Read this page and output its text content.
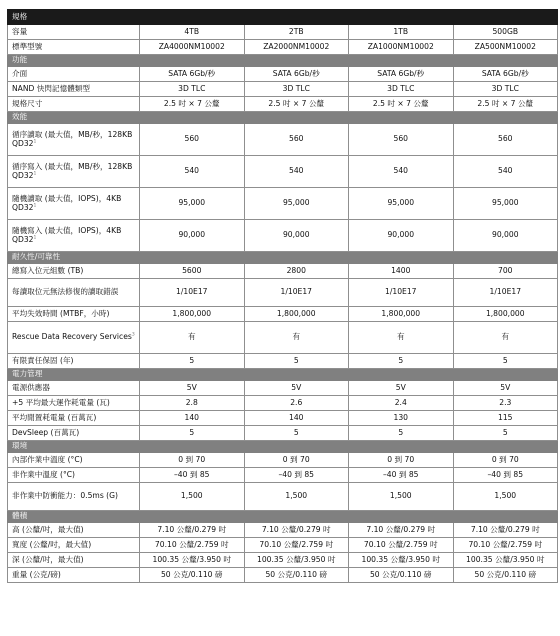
規格				
容量	4TB	2TB	1TB	500GB
標準型號	ZA4000NM10002	ZA2000NM10002	ZA1000NM10002	ZA500NM10002
功能				
介面	SATA 6Gb/秒	SATA 6Gb/秒	SATA 6Gb/秒	SATA 6Gb/秒
NAND 快閃記憶體類型	3D TLC	3D TLC	3D TLC	3D TLC
規格尺寸	2.5 吋 × 7 公釐	2.5 吋 × 7 公釐	2.5 吋 × 7 公釐	2.5 吋 × 7 公釐
效能				
循序讀取 (最大值，MB/秒，128KB $QD32^1$	560	560	560	560
循序寫入 (最大值，MB/秒，128KB $QD32^1$	540	540	540	540
隨機讀取 (最大值，IOPS)，4KB $QD32^1$	95,000	95,000	95,000	95,000
隨機寫入 (最大值，IOPS)，4KB $QD32^1$	90,000	90,000	90,000	90,000
耐久性/可靠性				
總寫入位元組數 (TB)	5600	2800	1400	700
每讀取位元無法修復的讀取錯誤	1/10E17	1/10E17	1/10E17	1/10E17
平均失效時間 (MTBF，小時)	1,800,000	1,800,000	1,800,000	1,800,000
Rescue Data Recovery Services$^3$	有	有	有	有
有限責任保固 (年)	5	5	5	5
電力管理				
電源供應器	5V	5V	5V	5V
+5 平均最大運作耗電量 (瓦)	2.8	2.6	2.4	2.3
平均閒置耗電量 (百萬瓦)	140	140	130	115
DevSleep (百萬瓦)	5	5	5	5
環境				
內部作業中溫度 (°C)	0 到 70	0 到 70	0 到 70	0 到 70
非作業中溫度 (°C)	–40 到 85	–40 到 85	–40 到 85	–40 到 85
非作業中防衝能力：0.5ms (G)	1,500	1,500	1,500	1,500
體積				
高 (公釐/吋，最大值)	7.10 公釐/0.279 吋	7.10 公釐/0.279 吋	7.10 公釐/0.279 吋	7.10 公釐/0.279 吋
寬度 (公釐/吋，最大值)	70.10 公釐/2.759 吋	70.10 公釐/2.759 吋	70.10 公釐/2.759 吋	70.10 公釐/2.759 吋
深 (公釐/吋，最大值)	100.35 公釐/3.950 吋	100.35 公釐/3.950 吋	100.35 公釐/3.950 吋	100.35 公釐/3.950 吋
重量 (公克/磅)	50 公克/0.110 磅	50 公克/0.110 磅	50 公克/0.110 磅	50 公克/0.110 磅
